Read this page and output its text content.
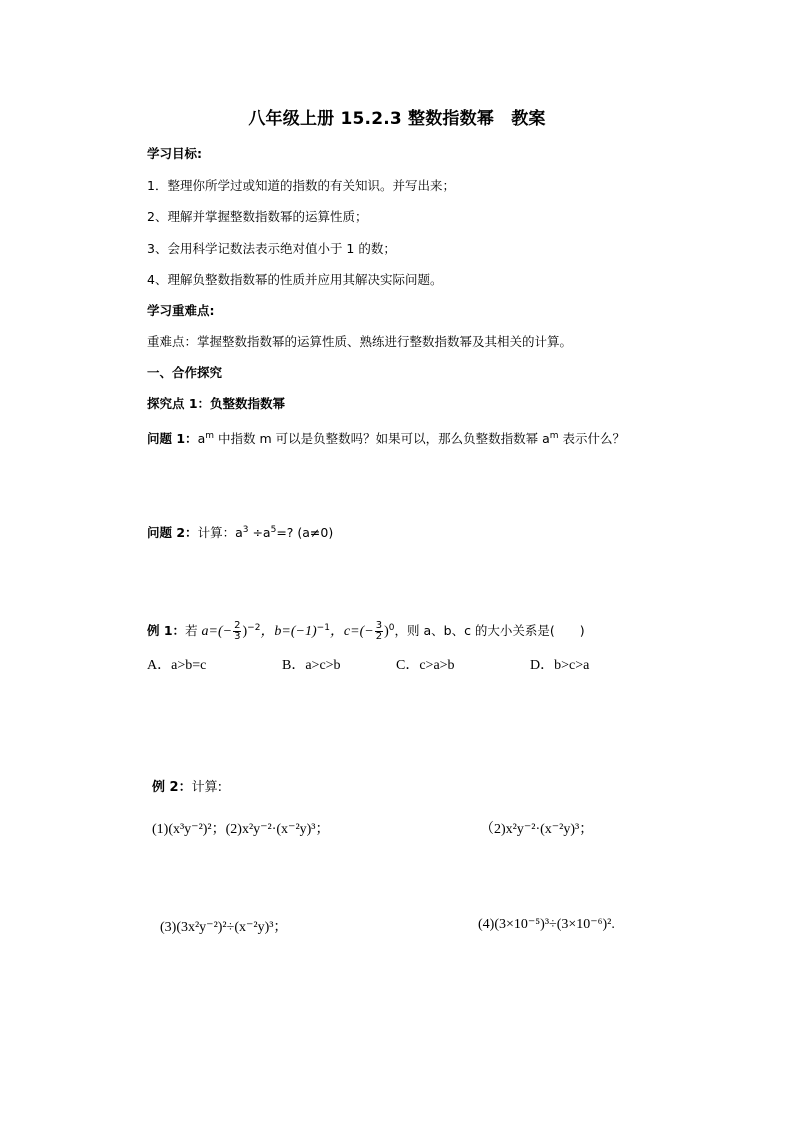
八年级上册 15.2.3 整数指数幂　教案
学习目标:
1．整理你所学过或知道的指数的有关知识。并写出来；
2、理解并掌握整数指数幂的运算性质；
3、会用科学记数法表示绝对值小于 1 的数；
4、理解负整数指数幂的性质并应用其解决实际问题。
学习重难点:
重难点：掌握整数指数幂的运算性质、熟练进行整数指数幂及其相关的计算。
一、合作探究
探究点 1：负整数指数幂
问题 1：$a^m$ 中指数 m 可以是负整数吗？如果可以，那么负整数指数幂 $a^m$ 表示什么？
问题 2：计算：$a^3 \div a^5=$? (a≠0)
例 1：若 $a=(- \frac{2}{3} )^{-2}$，$b=(-1)^{-1}$，$c=(- \frac{3}{2} )^0$，则 a、b、c 的大小关系是(　　)
A．a>b=c	B．a>c>b	C．c>a>b	D．b>c>a
例 2：计算:
(1)(x³y⁻²)²；(2)x²y⁻²·(x⁻²y)³；	（2)x²y⁻²·(x⁻²y)³；
(3)(3x²y⁻²)²÷(x⁻²y)³；	(4)(3×10⁻⁵)³÷(3×10⁻⁶)².
